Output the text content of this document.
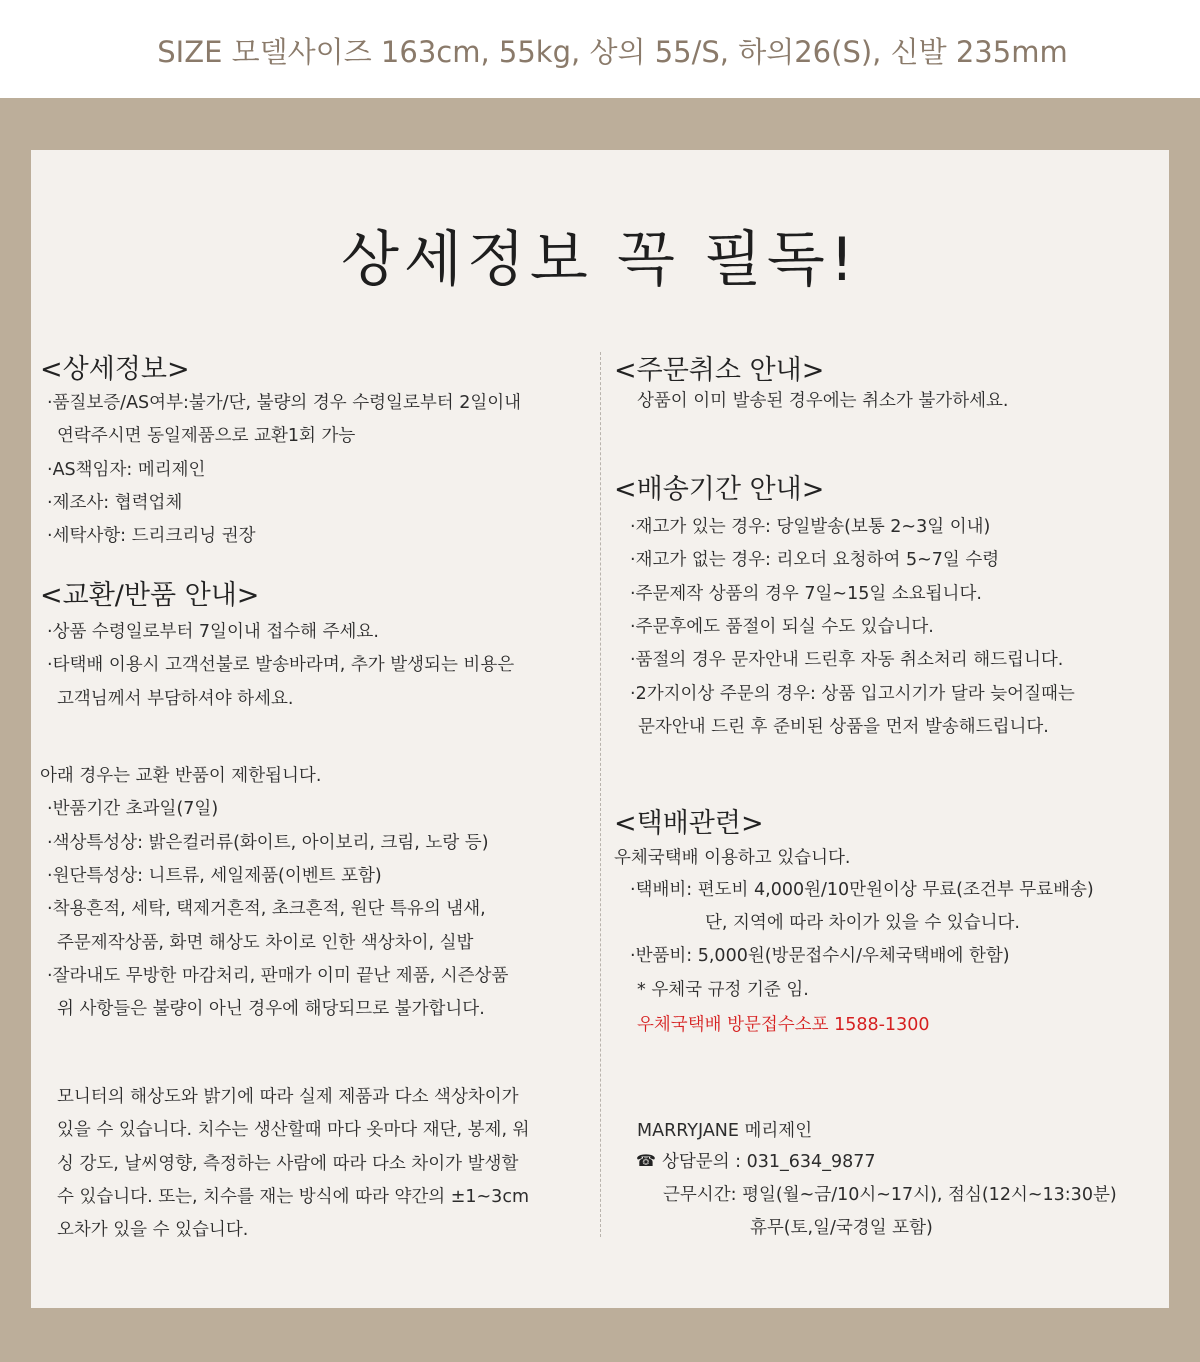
SIZE 모델사이즈 163cm, 55kg, 상의 55/S, 하의26(S), 신발 235mm
상세정보 꼭 필독!
<상세정보>
·품질보증/AS여부:불가/단, 불량의 경우 수령일로부터 2일이내
연락주시면 동일제품으로 교환1회 가능
·AS책임자: 메리제인
·제조사: 협력업체
·세탁사항: 드리크리닝 권장
<교환/반품 안내>
·상품 수령일로부터 7일이내 접수해 주세요.
·타택배 이용시 고객선불로 발송바라며, 추가 발생되는 비용은
고객님께서 부담하셔야 하세요.
아래 경우는 교환 반품이 제한됩니다.
·반품기간 초과일(7일)
·색상특성상: 밝은컬러류(화이트, 아이보리, 크림, 노랑 등)
·원단특성상: 니트류, 세일제품(이벤트 포함)
·착용흔적, 세탁, 택제거흔적, 초크흔적, 원단 특유의 냄새,
주문제작상품, 화면 해상도 차이로 인한 색상차이, 실밥
·잘라내도 무방한 마감처리, 판매가 이미 끝난 제품, 시즌상품
위 사항들은 불량이 아닌 경우에 해당되므로 불가합니다.
모니터의 해상도와 밝기에 따라 실제 제품과 다소 색상차이가
있을 수 있습니다. 치수는 생산할때 마다 옷마다 재단, 봉제, 워
싱 강도, 날씨영향, 측정하는 사람에 따라 다소 차이가 발생할
수 있습니다. 또는, 치수를 재는 방식에 따라 약간의 ±1~3cm
오차가 있을 수 있습니다.
<주문취소 안내>
상품이 이미 발송된 경우에는 취소가 불가하세요.
<배송기간 안내>
·재고가 있는 경우: 당일발송(보통 2~3일 이내)
·재고가 없는 경우: 리오더 요청하여 5~7일 수령
·주문제작 상품의 경우 7일~15일 소요됩니다.
·주문후에도 품절이 되실 수도 있습니다.
·품절의 경우 문자안내 드린후 자동 취소처리 해드립니다.
·2가지이상 주문의 경우: 상품 입고시기가 달라 늦어질때는
문자안내 드린 후 준비된 상품을 먼저 발송해드립니다.
<택배관련>
우체국택배 이용하고 있습니다.
·택배비: 편도비 4,000원/10만원이상 무료(조건부 무료배송)
단, 지역에 따라 차이가 있을 수 있습니다.
·반품비: 5,000원(방문접수시/우체국택배에 한함)
* 우체국 규정 기준 임.
우체국택배 방문접수소포 1588-1300
MARRYJANE 메리제인
☎ 상담문의 : 031_634_9877
근무시간: 평일(월~금/10시~17시), 점심(12시~13:30분)
휴무(토,일/국경일 포함)
